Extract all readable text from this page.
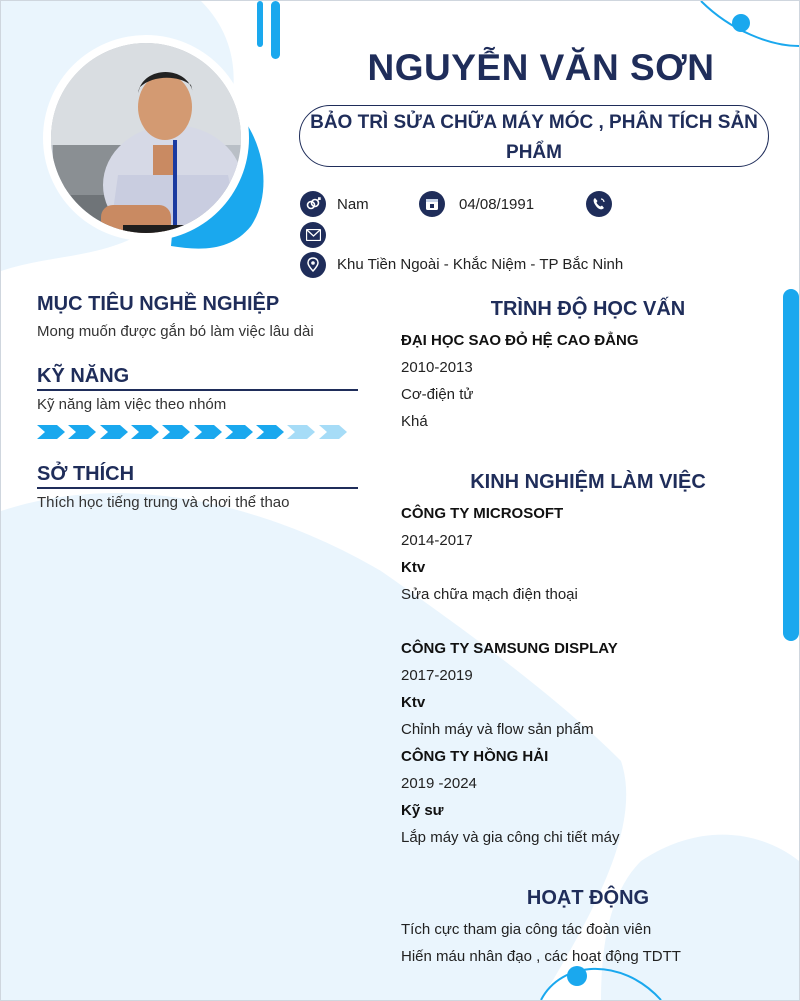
NGUYỄN VĂN SƠN
BẢO TRÌ SỬA CHỮA MÁY MÓC , PHÂN TÍCH SẢN PHẨM
Nam	04/08/1991
Khu Tiền Ngoài - Khắc Niệm - TP Bắc Ninh
MỤC TIÊU NGHỀ NGHIỆP
Mong muốn được gắn bó làm việc lâu dài
KỸ NĂNG
Kỹ năng làm việc theo nhóm
SỞ THÍCH
Thích học tiếng trung và chơi thể thao
TRÌNH ĐỘ HỌC VẤN
ĐẠI HỌC SAO ĐỎ HỆ CAO ĐẲNG
2010-2013
Cơ-điện tử
Khá
KINH NGHIỆM LÀM VIỆC
CÔNG TY MICROSOFT
2014-2017
Ktv
Sửa chữa mạch điện thoại
CÔNG TY SAMSUNG DISPLAY
2017-2019
Ktv
Chỉnh máy và flow sản phẩm
CÔNG TY HỒNG HẢI
2019 -2024
Kỹ sư
Lắp máy và gia công chi tiết máy
HOẠT ĐỘNG
Tích cực tham gia công tác đoàn viên
Hiến máu nhân đạo , các hoạt động TDTT
